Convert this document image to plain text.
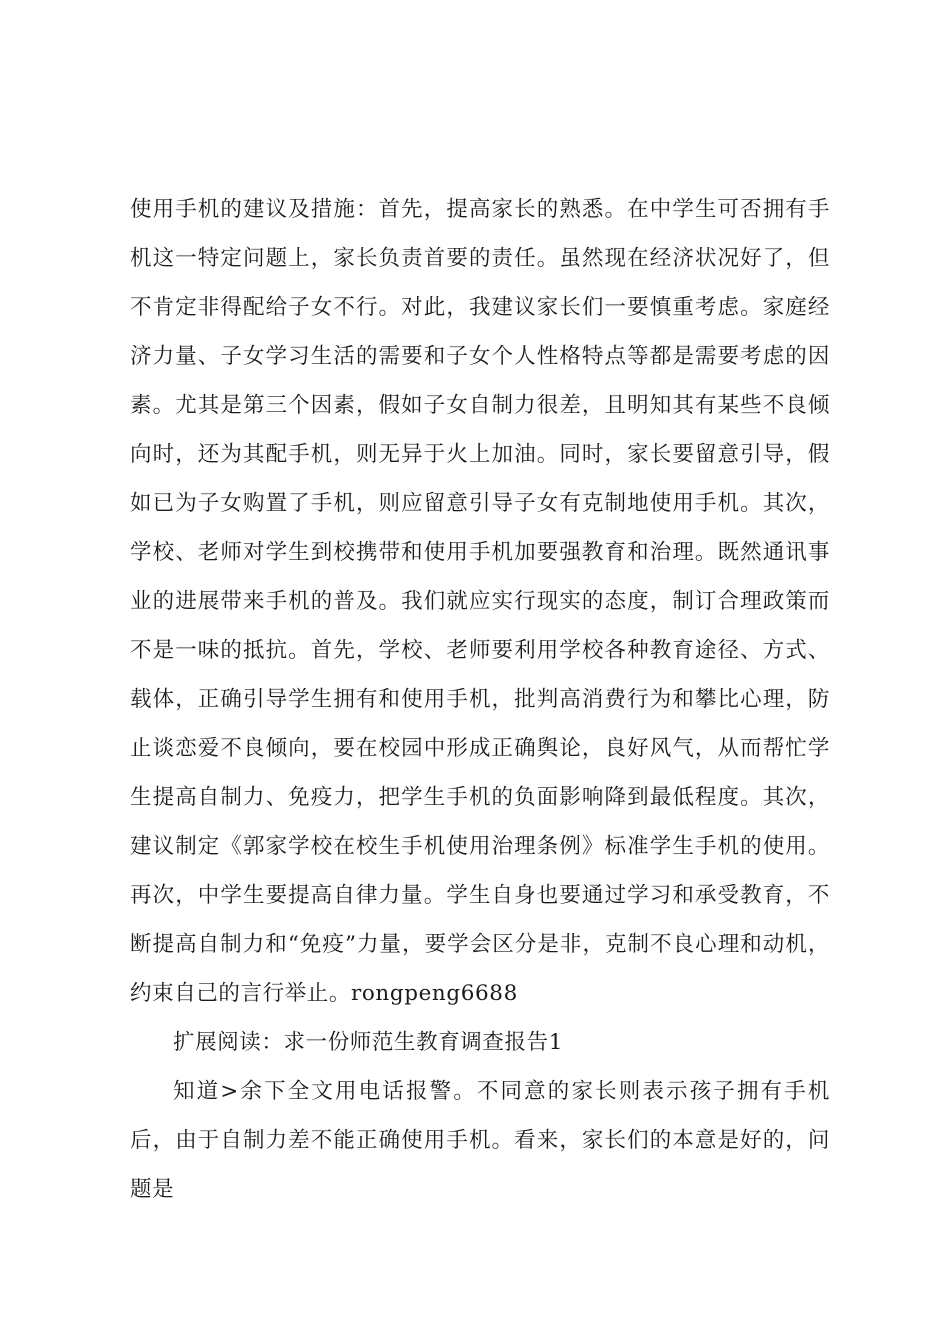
使用手机的建议及措施：首先，提高家长的熟悉。在中学生可否拥有手机这一特定问题上，家长负责首要的责任。虽然现在经济状况好了，但不肯定非得配给子女不行。对此，我建议家长们一要慎重考虑。家庭经济力量、子女学习生活的需要和子女个人性格特点等都是需要考虑的因素。尤其是第三个因素，假如子女自制力很差，且明知其有某些不良倾向时，还为其配手机，则无异于火上加油。同时，家长要留意引导，假如已为子女购置了手机，则应留意引导子女有克制地使用手机。其次，学校、老师对学生到校携带和使用手机加要强教育和治理。既然通讯事业的进展带来手机的普及。我们就应实行现实的态度，制订合理政策而不是一味的抵抗。首先，学校、老师要利用学校各种教育途径、方式、载体，正确引导学生拥有和使用手机，批判高消费行为和攀比心理，防止谈恋爱不良倾向，要在校园中形成正确舆论，良好风气，从而帮忙学生提高自制力、免疫力，把学生手机的负面影响降到最低程度。其次，建议制定《郭家学校在校生手机使用治理条例》标准学生手机的使用。再次，中学生要提高自律力量。学生自身也要通过学习和承受教育，不断提高自制力和“免疫”力量，要学会区分是非，克制不良心理和动机，约束自己的言行举止。rongpeng6688

扩展阅读：求一份师范生教育调查报告1

知道>余下全文用电话报警。不同意的家长则表示孩子拥有手机后，由于自制力差不能正确使用手机。看来，家长们的本意是好的，问题是
